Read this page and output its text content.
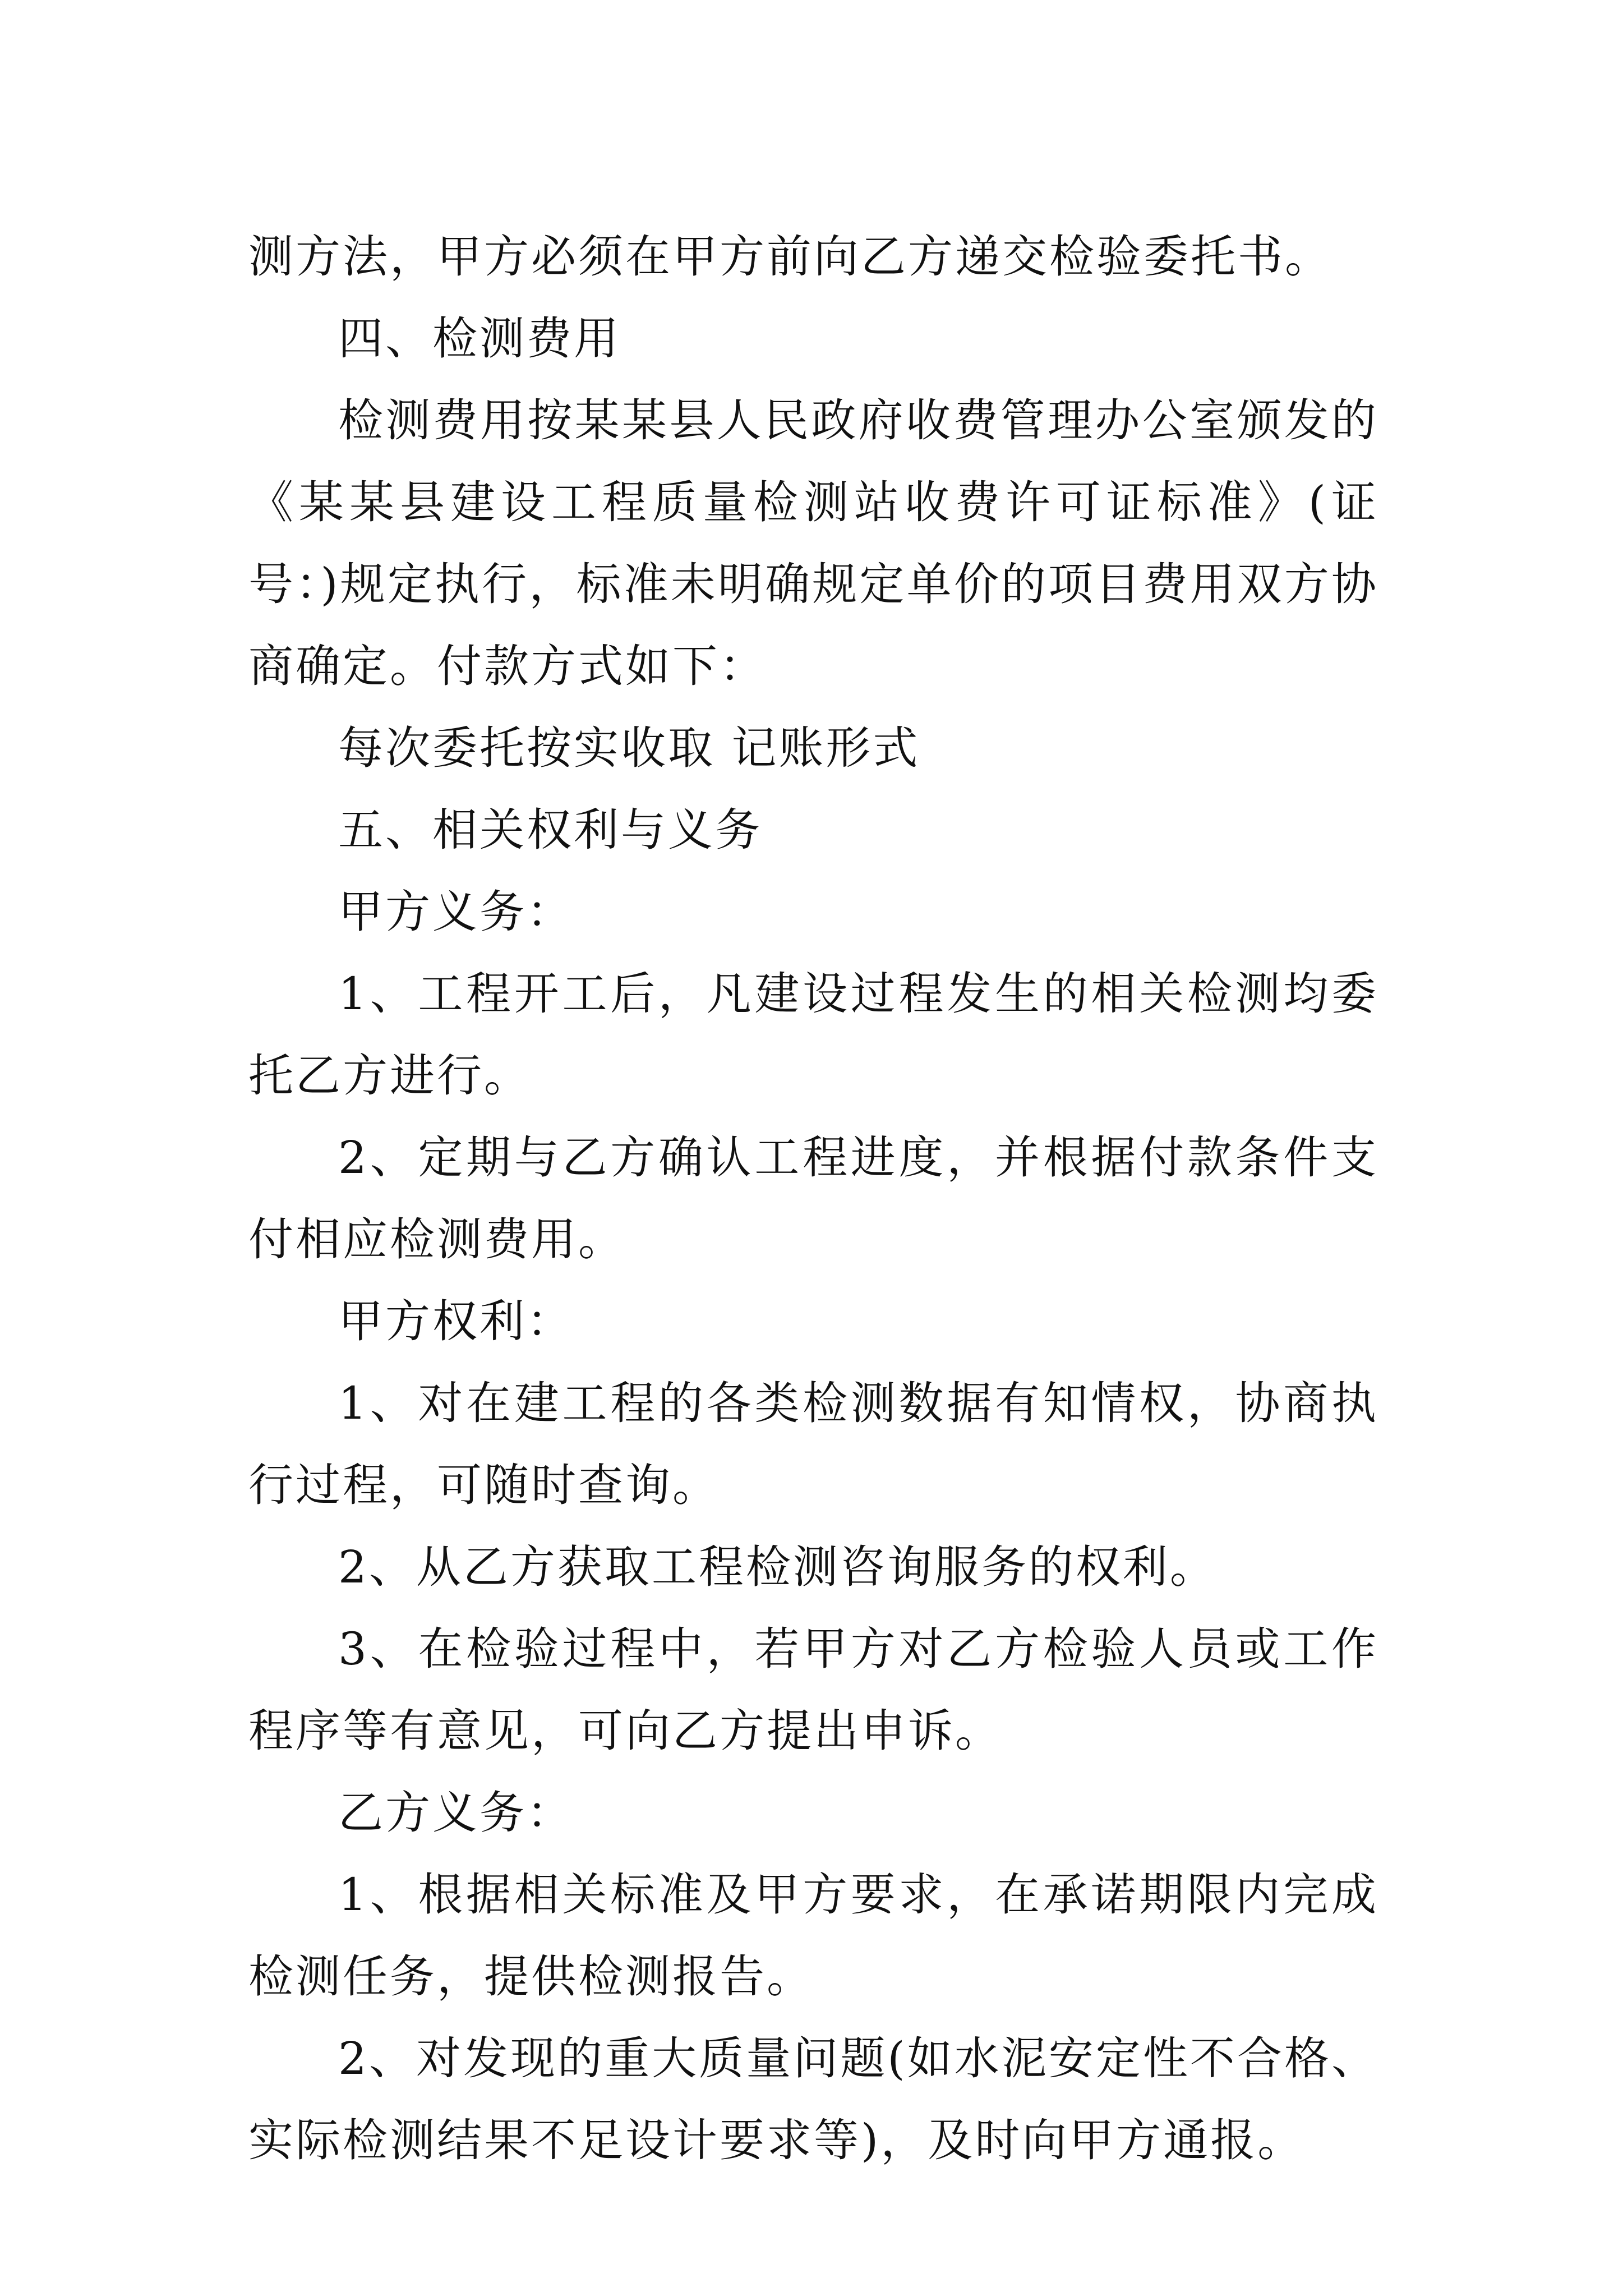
测方法，甲方必须在甲方前向乙方递交检验委托书。

四、检测费用

检测费用按某某县人民政府收费管理办公室颁发的《某某县建设工程质量检测站收费许可证标准》(证号：)规定执行，标准未明确规定单价的项目费用双方协商确定。付款方式如下：

每次委托按实收取 记账形式

五、相关权利与义务

甲方义务：

1、工程开工后，凡建设过程发生的相关检测均委托乙方进行。

2、定期与乙方确认工程进度，并根据付款条件支付相应检测费用。

甲方权利：

1、对在建工程的各类检测数据有知情权，协商执行过程，可随时查询。

2、从乙方获取工程检测咨询服务的权利。

3、在检验过程中，若甲方对乙方检验人员或工作程序等有意见，可向乙方提出申诉。

乙方义务：

1、根据相关标准及甲方要求，在承诺期限内完成检测任务，提供检测报告。

2、对发现的重大质量问题(如水泥安定性不合格、实际检测结果不足设计要求等)，及时向甲方通报。
